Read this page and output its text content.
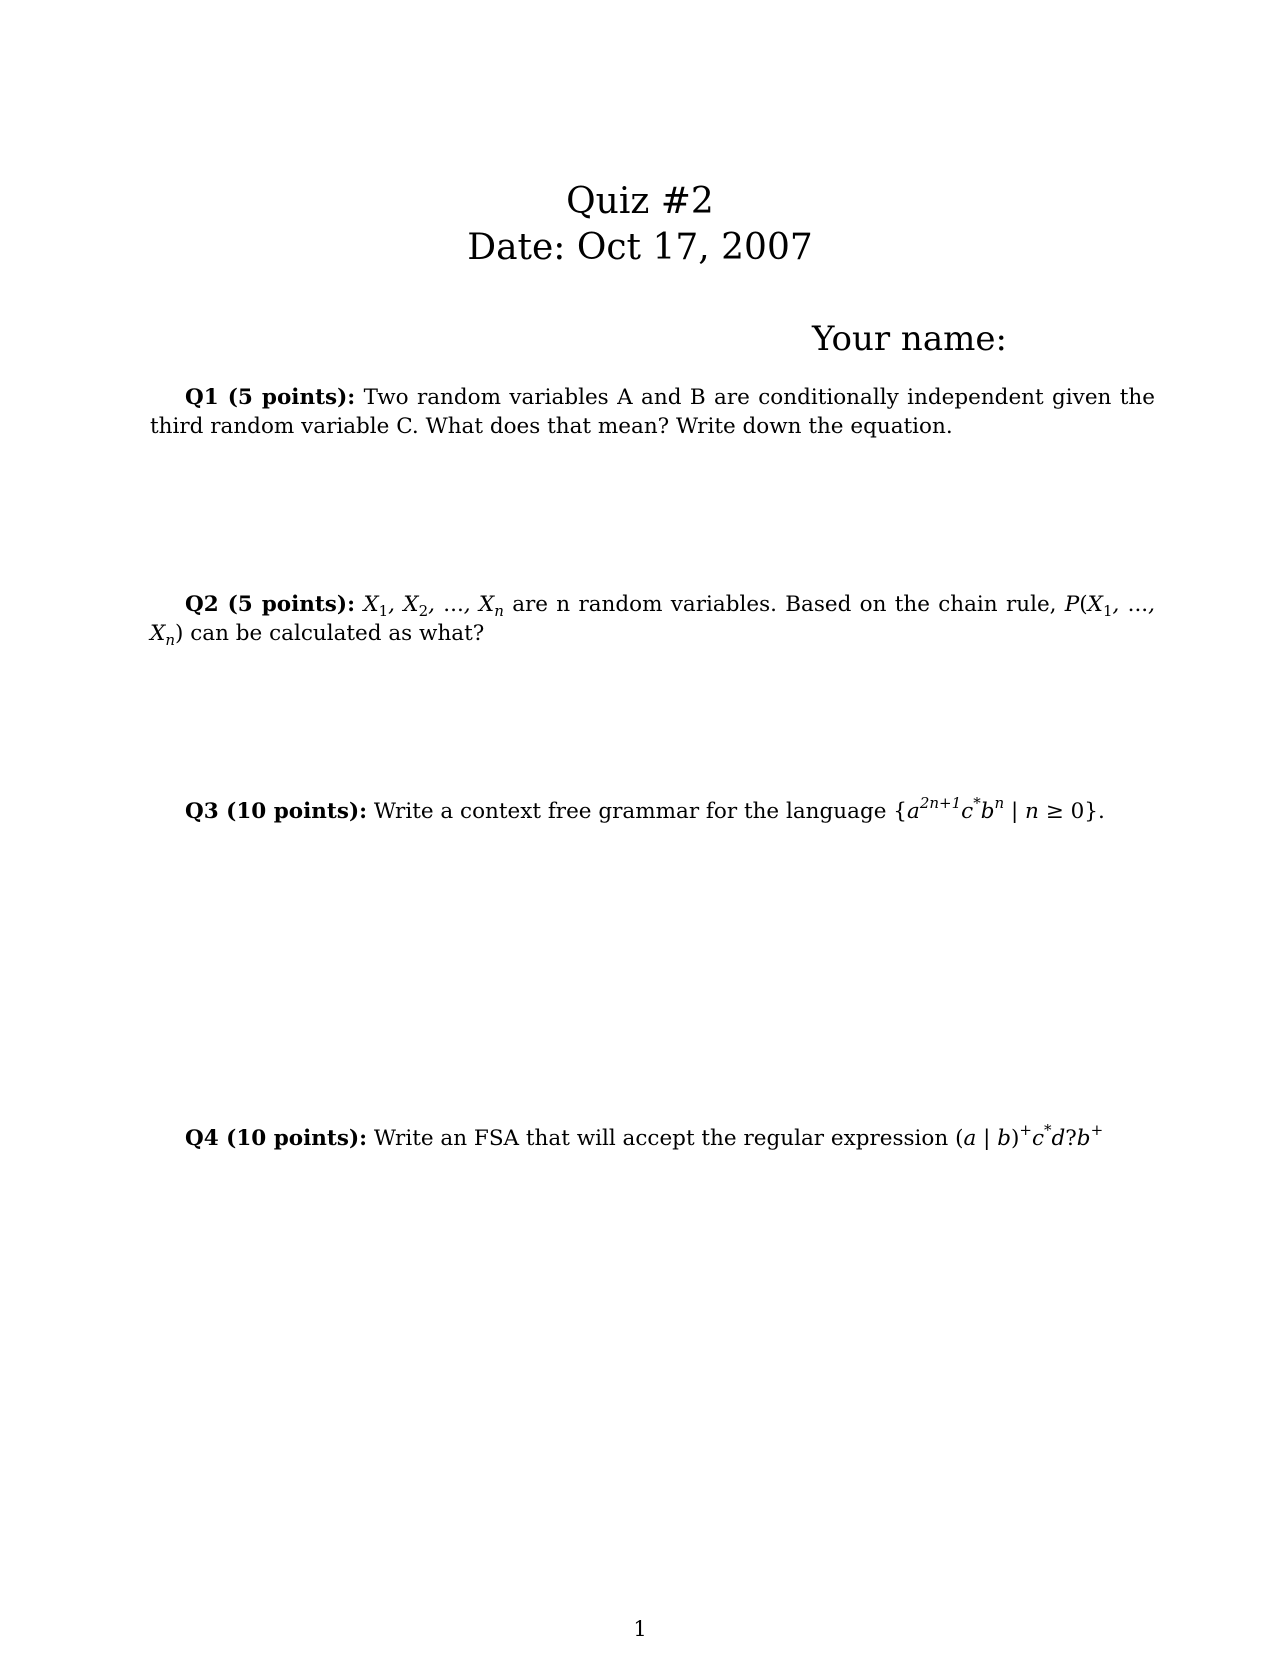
Quiz #2
Date: Oct 17, 2007
Your name:
Q1 (5 points): Two random variables A and B are conditionally independent given the third random variable C. What does that mean? Write down the equation.
Q2 (5 points): $X_1$, $X_2$, ..., $X_n$ are n random variables. Based on the chain rule, $P(X_1$, ..., $X_n$) can be calculated as what?
Q3 (10 points): Write a context free grammar for the language {$a^{2n+1}c^*b^n$ | n ≥ 0}.
Q4 (10 points): Write an FSA that will accept the regular expression (a | b)+c*d?b+
1
